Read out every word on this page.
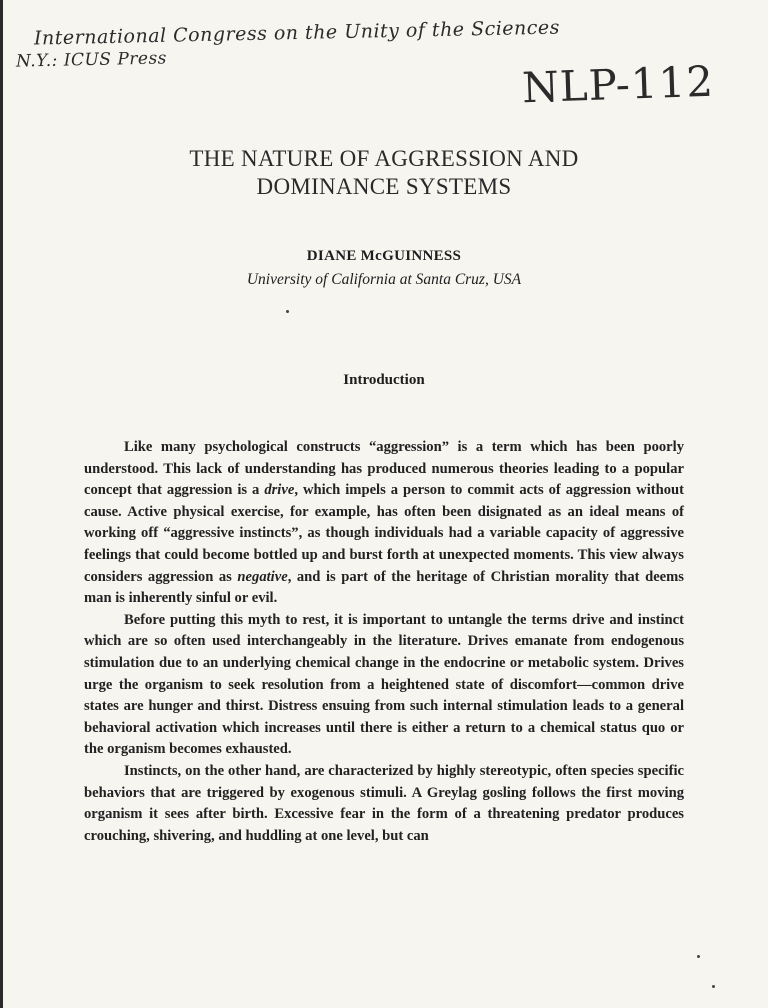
International Congress on the Unity of the Sciences
N.Y.: ICUS Press	NLP-112
THE NATURE OF AGGRESSION AND
DOMINANCE SYSTEMS
DIANE McGUINNESS
University of California at Santa Cruz, USA
Introduction

Like many psychological constructs “aggression” is a term which has been poorly understood. This lack of understanding has produced numerous theories leading to a popular concept that aggression is a drive, which impels a person to commit acts of aggression without cause. Active physical exercise, for example, has often been disignated as an ideal means of working off “aggressive instincts”, as though individuals had a variable capacity of aggressive feelings that could become bottled up and burst forth at unexpected moments. This view always considers aggression as negative, and is part of the heritage of Christian morality that deems man is inherently sinful or evil.

Before putting this myth to rest, it is important to untangle the terms drive and instinct which are so often used interchangeably in the literature. Drives emanate from endogenous stimulation due to an underlying chemical change in the endocrine or metabolic system. Drives urge the organism to seek resolution from a heightened state of discomfort—common drive states are hunger and thirst. Distress ensuing from such internal stimulation leads to a general behavioral activation which increases until there is either a return to a chemical status quo or the organism becomes exhausted.

Instincts, on the other hand, are characterized by highly stereotypic, often species specific behaviors that are triggered by exogenous stimuli. A Greylag gosling follows the first moving organism it sees after birth. Excessive fear in the form of a threatening predator produces crouching, shivering, and huddling at one level, but can
